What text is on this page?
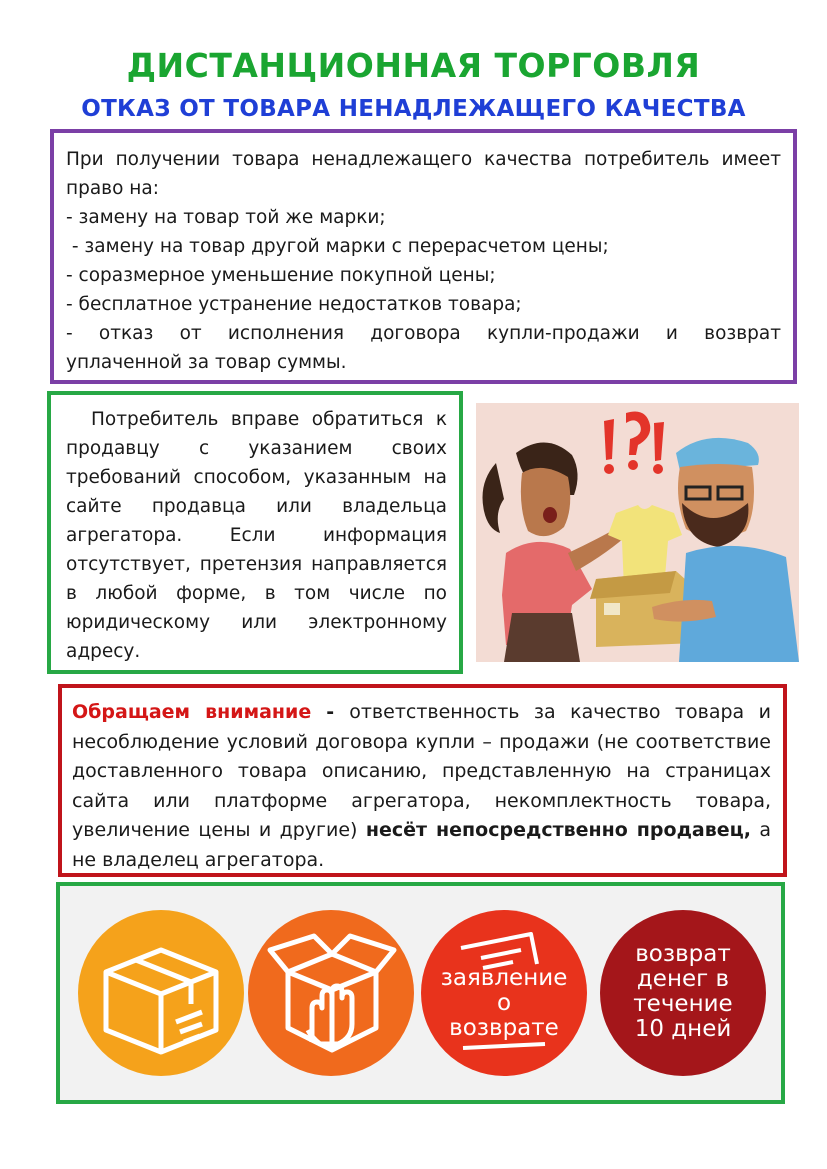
ДИСТАНЦИОННАЯ ТОРГОВЛЯ
ОТКАЗ ОТ ТОВАРА НЕНАДЛЕЖАЩЕГО КАЧЕСТВА
При получении товара ненадлежащего качества потребитель имеет
право на:
- замену на товар той же марки;
- замену на товар другой марки с перерасчетом цены;
- соразмерное уменьшение покупной цены;
- бесплатное устранение недостатков товара;
- отказ от исполнения договора купли-продажи и возврат
уплаченной за товар суммы.
Потребитель вправе обратиться к
продавцу с указанием своих
требований способом, указанным на
сайте продавца или владельца
агрегатора. Если информация
отсутствует, претензия направляется
в любой форме, в том числе по
юридическому или электронному
адресу.
Обращаем внимание - ответственность за качество товара и несоблюдение условий договора купли – продажи (не соответствие доставленного товара описанию, представленную на страницах сайта или платформе агрегатора, некомплектность товара, увеличение цены и другие) несёт непосредственно продавец, а не владелец агрегатора.
заявление
о
возврате
возврат
денег в
течение
10 дней
